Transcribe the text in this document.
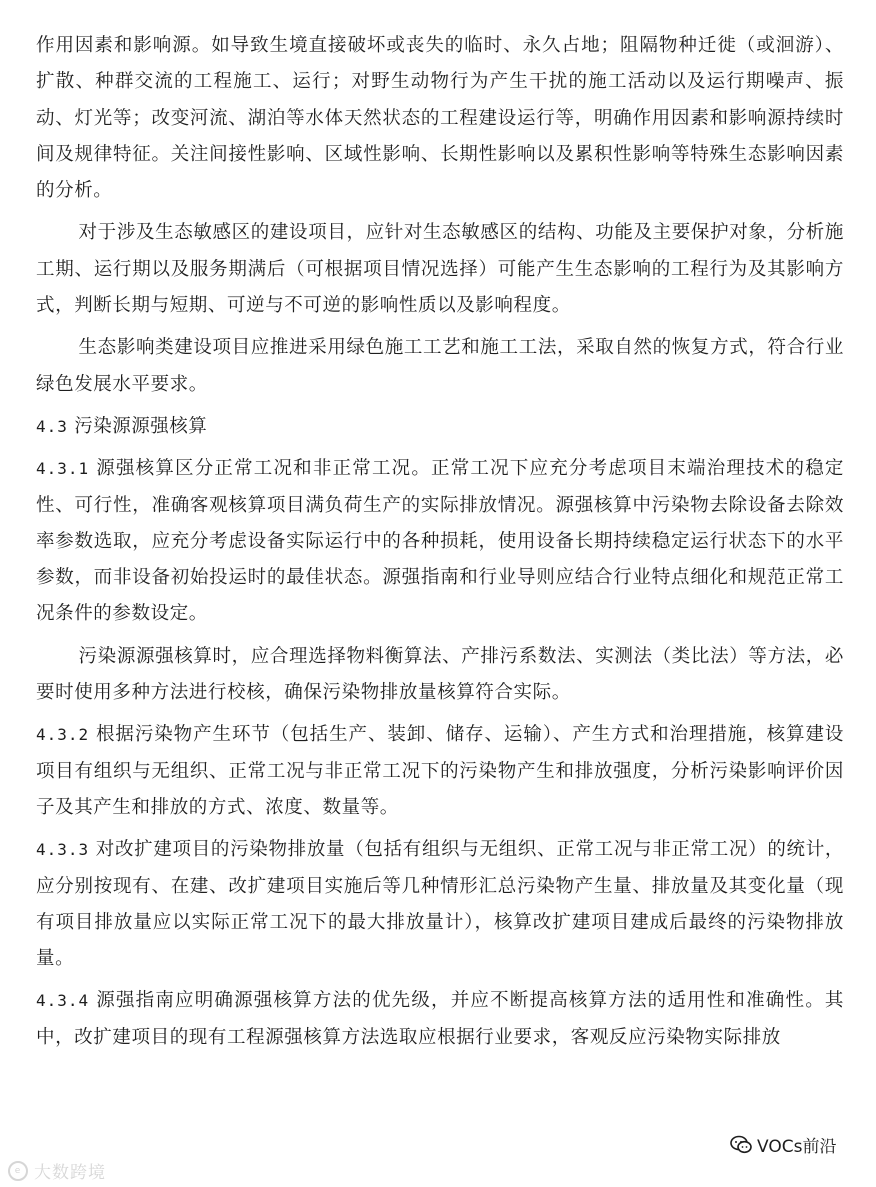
作用因素和影响源。如导致生境直接破坏或丧失的临时、永久占地；阻隔物种迁徙（或洄游）、扩散、种群交流的工程施工、运行；对野生动物行为产生干扰的施工活动以及运行期噪声、振动、灯光等；改变河流、湖泊等水体天然状态的工程建设运行等，明确作用因素和影响源持续时间及规律特征。关注间接性影响、区域性影响、长期性影响以及累积性影响等特殊生态影响因素的分析。

对于涉及生态敏感区的建设项目，应针对生态敏感区的结构、功能及主要保护对象，分析施工期、运行期以及服务期满后（可根据项目情况选择）可能产生生态影响的工程行为及其影响方式，判断长期与短期、可逆与不可逆的影响性质以及影响程度。

生态影响类建设项目应推进采用绿色施工工艺和施工工法，采取自然的恢复方式，符合行业绿色发展水平要求。

4.3 污染源源强核算

4.3.1 源强核算区分正常工况和非正常工况。正常工况下应充分考虑项目末端治理技术的稳定性、可行性，准确客观核算项目满负荷生产的实际排放情况。源强核算中污染物去除设备去除效率参数选取，应充分考虑设备实际运行中的各种损耗，使用设备长期持续稳定运行状态下的水平参数，而非设备初始投运时的最佳状态。源强指南和行业导则应结合行业特点细化和规范正常工况条件的参数设定。

污染源源强核算时，应合理选择物料衡算法、产排污系数法、实测法（类比法）等方法，必要时使用多种方法进行校核，确保污染物排放量核算符合实际。

4.3.2 根据污染物产生环节（包括生产、装卸、储存、运输）、产生方式和治理措施，核算建设项目有组织与无组织、正常工况与非正常工况下的污染物产生和排放强度，分析污染影响评价因子及其产生和排放的方式、浓度、数量等。

4.3.3 对改扩建项目的污染物排放量（包括有组织与无组织、正常工况与非正常工况）的统计，应分别按现有、在建、改扩建项目实施后等几种情形汇总污染物产生量、排放量及其变化量（现有项目排放量应以实际正常工况下的最大排放量计），核算改扩建项目建成后最终的污染物排放量。

4.3.4 源强指南应明确源强核算方法的优先级，并应不断提高核算方法的适用性和准确性。其中，改扩建项目的现有工程源强核算方法选取应根据行业要求，客观反应污染物实际排放

e 大数跨境
VOCs前沿
